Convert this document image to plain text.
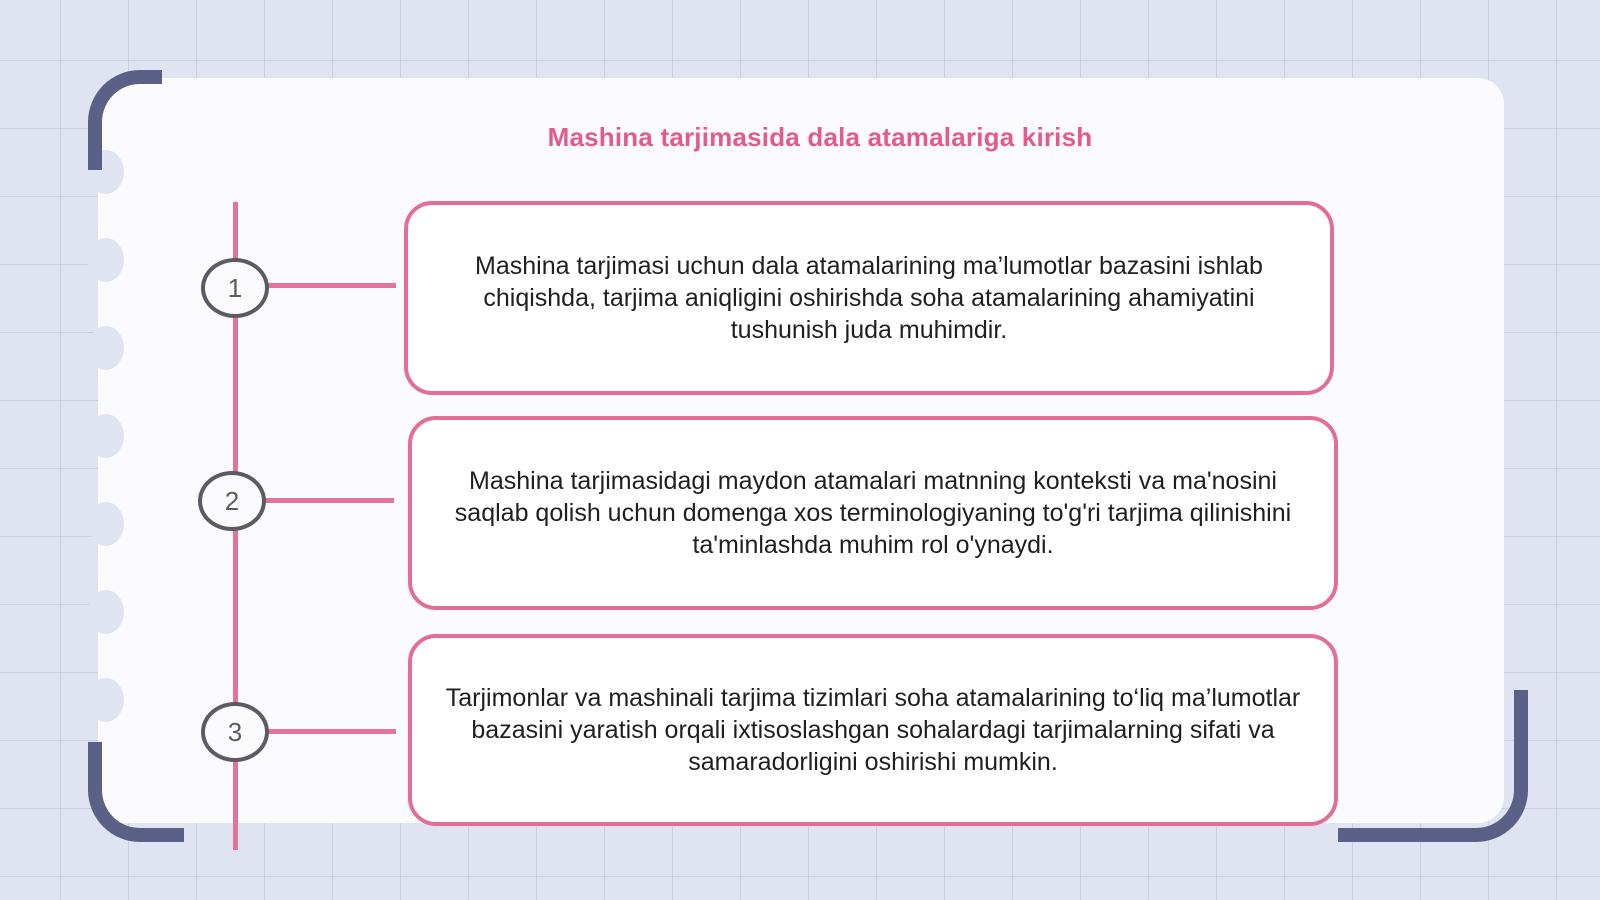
Mashina tarjimasida dala atamalariga kirish
1
2
3
Mashina tarjimasi uchun dala atamalarining ma’lumotlar bazasini ishlab chiqishda, tarjima aniqligini oshirishda soha atamalarining ahamiyatini tushunish juda muhimdir.
Mashina tarjimasidagi maydon atamalari matnning konteksti va ma'nosini saqlab qolish uchun domenga xos terminologiyaning to'g'ri tarjima qilinishini ta'minlashda muhim rol o'ynaydi.
Tarjimonlar va mashinali tarjima tizimlari soha atamalarining to‘liq ma’lumotlar bazasini yaratish orqali ixtisoslashgan sohalardagi tarjimalarning sifati va samaradorligini oshirishi mumkin.
